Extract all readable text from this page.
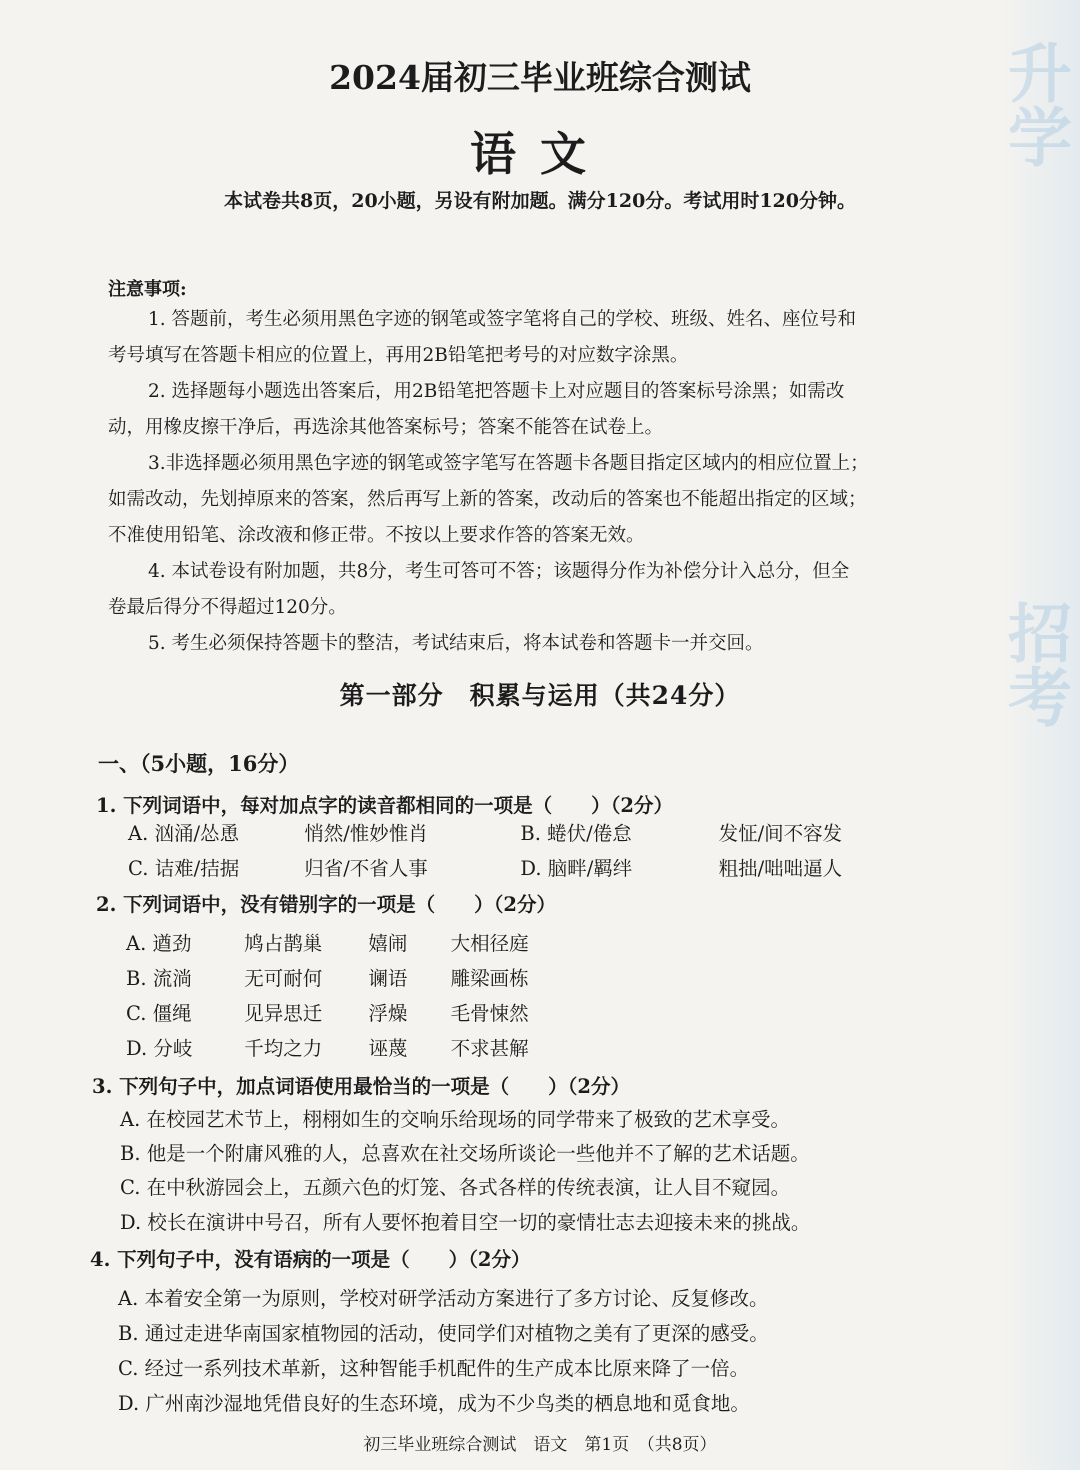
升学
招考
2024届初三毕业班综合测试
语文
本试卷共8页，20小题，另设有附加题。满分120分。考试用时120分钟。
注意事项:
1. 答题前，考生必须用黑色字迹的钢笔或签字笔将自己的学校、班级、姓名、座位号和
考号填写在答题卡相应的位置上，再用2B铅笔把考号的对应数字涂黑。
2. 选择题每小题选出答案后，用2B铅笔把答题卡上对应题目的答案标号涂黑；如需改
动，用橡皮擦干净后，再选涂其他答案标号；答案不能答在试卷上。
3.非选择题必须用黑色字迹的钢笔或签字笔写在答题卡各题目指定区域内的相应位置上；
如需改动，先划掉原来的答案，然后再写上新的答案，改动后的答案也不能超出指定的区域；
不准使用铅笔、涂改液和修正带。不按以上要求作答的答案无效。
4. 本试卷设有附加题，共8分，考生可答可不答；该题得分作为补偿分计入总分，但全
卷最后得分不得超过120分。
5. 考生必须保持答题卡的整洁，考试结束后，将本试卷和答题卡一并交回。
第一部分　积累与运用（共24分）
一、（5小题，16分）
1. 下列词语中，每对加点字的读音都相同的一项是（　　）（2分）
A. 汹涌/怂恿	悄然/惟妙惟肖	B. 蜷伏/倦怠	发怔/间不容发
C. 诘难/拮据	归省/不省人事	D. 脑畔/羁绊	粗拙/咄咄逼人
2. 下列词语中，没有错别字的一项是（　　）（2分）
A. 遒劲	鸠占鹊巢 嬉闹 大相径庭
B. 流淌	无可耐何 谰语 雕梁画栋
C. 僵绳	见异思迁 浮燥 毛骨悚然
D. 分岐	千均之力 诬蔑 不求甚解
3. 下列句子中，加点词语使用最恰当的一项是（　　）（2分）
A. 在校园艺术节上，栩栩如生的交响乐给现场的同学带来了极致的艺术享受。
B. 他是一个附庸风雅的人，总喜欢在社交场所谈论一些他并不了解的艺术话题。
C. 在中秋游园会上，五颜六色的灯笼、各式各样的传统表演，让人目不窥园。
D. 校长在演讲中号召，所有人要怀抱着目空一切的豪情壮志去迎接未来的挑战。
4. 下列句子中，没有语病的一项是（　　）（2分）
A. 本着安全第一为原则，学校对研学活动方案进行了多方讨论、反复修改。
B. 通过走进华南国家植物园的活动，使同学们对植物之美有了更深的感受。
C. 经过一系列技术革新，这种智能手机配件的生产成本比原来降了一倍。
D. 广州南沙湿地凭借良好的生态环境，成为不少鸟类的栖息地和觅食地。
初三毕业班综合测试　语文　第1页　（共8页）
